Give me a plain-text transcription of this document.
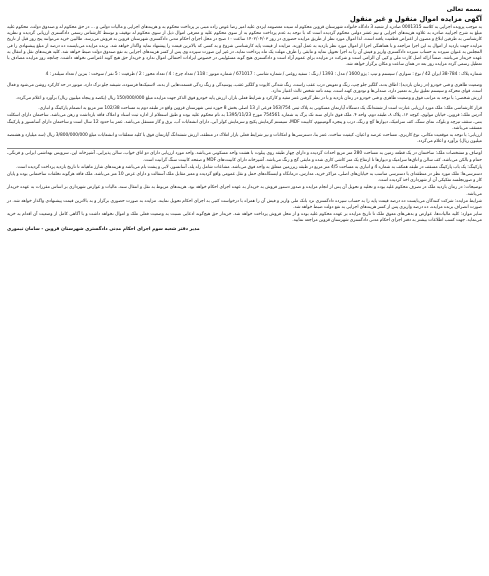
بسمه تعالی
آگهی مزایده اموال منقول و غیر منقول

به موجب پرونده اجرایی به کلاسه 0001315 صادره از شعبه 3 دادگاه خانواده شهرستان قزوین محکوم له سیده معصومه ایزدی علیه امیر رضا عوض زاده مبنی بر پرداخت محکوم به و هزینه‌های اجرایی و مالیات دولتی و ... در حق محکوم له و صندوق دولت، محکوم علیه مبلغ به شرح اجراییه صادره به علاوه هزینه‌های اجرایی و نیم عشر دولتی محکوم گردیده است که با توجه به عدم پرداخت محکوم به از سوی محکوم علیه و معرفی اموال ذیل از سوی محکوم له توقیف و توسط کارشناس رسمی دادگستری ارزیابی گردیده و نظریه کارشناسی به طرفین ابلاغ و مصون از اعتراض قطعیت یافته است، لذا اموال مورد نظر از طریق مزایده حضوری در روز ۱۴۰۲/۰۴/۰۳ ساعت ۱۰ صبح در محل اجرای احکام مدنی دادگستری شهرستان قزوین به فروش می‌رسد. طالبین خرید می‌توانند پنج روز قبل از تاریخ مزایده جهت بازدید از اموال به این اجرا مراجعه و با هماهنگی اجرا از اموال مورد نظر بازدید به عمل آورند. مزایده از قیمت پایه کارشناسی شروع و به کسی که بالاترین قیمت را پیشنهاد نماید واگذار خواهد شد. برنده مزایده می‌بایست ده درصد از مبلغ پیشنهادی را فی المجلس به عنوان سپرده به حساب سپرده دادگستری واریز و فیش آن را به اجرا تحویل نماید و مابقی را ظرف مهلت یک ماه پرداخت نماید، در غیر این صورت سپرده وی پس از کسر هزینه‌های اجرایی به نفع صندوق دولت ضبط خواهد شد. کلیه هزینه‌های نقل و انتقال به عهده خریدار می‌باشد. ضمناً ارائه اصل کارت ملی و کپی آن الزامی است و شرکت در مزایده برای عموم آزاد است و دادگستری هیچ گونه مسئولیتی در خصوص ایرادات احتمالی اموال ندارد و خریدار حق هیچ گونه اعتراضی نخواهد داشت. چنانچه روز مزایده مصادف با تعطیل رسمی گردد مزایده روز بعد در همان ساعت و مکان برگزار خواهد شد.

شماره پلاک : 784-38 ایران 42 / نوع : سواری / سیستم و تیپ : پژو 1600 / مدل : 1393 / رنگ : سفید روغنی / شماره شاسی : 671017 / شماره موتور : 118 / تعداد چرخ : 4 / تعداد محور : 2 / ظرفیت : 5 نفر / سوخت : بنزین / تعداد سیلندر : 4

وضعیت ظاهری و فنی خودرو (در زمان بازدید): اطاق بدنه، گلگیر جلو چپ، رنگ و تعویض درب عقب راست، رنگ شدگی کاپوت و گلگیر عقب، پوسیدگی و زنگ زدگی قسمت‌هایی از بدنه، لاستیک‌ها فرسوده، شیشه جلو ترک دارد، موتور در حد کارکرد روشن می‌شود و فعال است، قوای محرکه و سیستم تعلیق نیاز به تعمیر دارد، صندلی‌ها و تودوزی کهنه است، بیمه نامه شخص ثالث اعتبار ندارد.

ارزش شخصی: با توجه به مراتب فوق و وضعیت ظاهری و فنی خودرو در زمان بازدید و با در نظر گرفتن عمر مفید و کارکرد و شرایط فعلی بازار، ارزش پایه خودرو فوق الذکر جهت مزایده مبلغ 150/000/000 ریال (یکصد و پنجاه میلیون ریال) برآورد و اعلام می‌گردد.

قرار کارشناسی ملک: ملک مورد ارزیابی عبارت است از ششدانگ یک دستگاه آپارتمان مسکونی به پلاک ثبتی 163/754 فرعی از 13 اصلی بخش 8 حوزه ثبتی شهرستان قزوین واقع در طبقه دوم به مساحت 102/38 متر مربع به انضمام پارکینگ و انباری.

آدرس ملک: قزوین، خیابان مولوی، کوچه ۱۲، پلاک ۸، طبقه دوم، واحد ۴. ملک فوق دارای سند تک برگ به شماره 754561 مورخ 1395/11/23 به نام محکوم علیه بوده و طبق استعلام از اداره ثبت اسناد و املاک فاقد بازداشت و رهن می‌باشد. ساختمان دارای اسکلت بتنی، سقف تیرچه و بلوک، نمای سنگ، کف سرامیک، دیوارها گچ و رنگ، درب و پنجره آلومینیوم، کابینت MDF، سیستم گرمایش پکیج و سرمایش کولر آبی، دارای انشعابات آب، برق و گاز مستقل می‌باشد. عمر بنا حدود 12 سال است و ساختمان دارای آسانسور و پارکینگ مسقف می‌باشد.

ارزیابی: با توجه به موقعیت مکانی، نوع کاربری، مساحت عرصه و اعیان، کیفیت ساخت، عمر بنا، دسترسی‌ها و امکانات و نیز شرایط فعلی بازار املاک در منطقه، ارزش ششدانگ آپارتمان فوق با کلیه متعلقات و انشعابات مبلغ 3/800/000/000 ریال (سه میلیارد و هشتصد میلیون ریال) برآورد و اعلام می‌گردد.

اوصاف و مشخصات ملک: ساختمان در یک قطعه زمین به مساحت 280 متر مربع احداث گردیده و دارای چهار طبقه روی پیلوت با هشت واحد مسکونی می‌باشد. واحد مورد ارزیابی دارای دو اتاق خواب، سالن پذیرایی، آشپزخانه اپن، سرویس بهداشتی ایرانی و فرنگی، حمام و بالکن می‌باشد. کف سالن و اتاق‌ها سرامیک و دیوارها تا ارتفاع یک متر کاشی کاری شده و مابقی گچ و رنگ می‌باشد. آشپزخانه دارای کابینت‌های MDF و صفحه کابینت سنگ گرانیت است.

پارکینگ: یک باب پارکینگ مسقف در طبقه همکف به شماره 4 و انباری به مساحت 4/5 متر مربع در طبقه زیرزمین متعلق به واحد فوق می‌باشد. مشاعات شامل راه پله، آسانسور، لابی و پشت بام می‌باشد و هزینه‌های شارژ ماهیانه تا تاریخ بازدید پرداخت گردیده است.

دسترسی‌ها: ملک مورد نظر در منطقه‌ای با دسترسی مناسب به خیابان‌های اصلی، مراکز خرید، مدارس، درمانگاه و ایستگاه‌های حمل و نقل عمومی واقع گردیده و معبر مقابل ملک آسفالت و دارای عرض 10 متر می‌باشد. ملک فاقد هرگونه تخلفات ساختمانی بوده و پایان کار و صورتجلسه تفکیکی آن از شهرداری اخذ گردیده است.

توضیحات: در زمان بازدید ملک در تصرف محکوم علیه بوده و تخلیه و تحویل آن پس از انجام مزایده و صدور دستور فروش به خریدار به عهده اجرای احکام خواهد بود. هزینه‌های مربوط به نقل و انتقال سند، مالیات و عوارض شهرداری بر اساس مقررات به عهده خریدار می‌باشد.

شرایط مزایده: شرکت کنندگان می‌بایست ده درصد قیمت پایه را به حساب سپرده دادگستری نزد بانک ملی واریز و فیش آن را همراه با درخواست کتبی به اجرای احکام تحویل نمایند. مزایده به صورت حضوری برگزار و به بالاترین قیمت پیشنهادی واگذار خواهد شد. در صورت انصراف برنده مزایده، ده درصد واریزی پس از کسر هزینه‌های اجرایی به نفع دولت ضبط خواهد شد.

سایر موارد: کلیه مالیات‌ها، عوارض و بدهی‌های معوق ملک تا تاریخ مزایده بر عهده محکوم علیه بوده و از محل فروش پرداخت خواهد شد. خریدار حق هیچ‌گونه ادعایی نسبت به وضعیت فعلی ملک و اموال نخواهد داشت و با آگاهی کامل از وضعیت آن اقدام به خرید می‌نماید. جهت کسب اطلاعات بیشتر به دفتر اجرای احکام مدنی دادگستری شهرستان قزوین مراجعه نمایید.

مدیر دفتر شعبه سوم اجرای احکام مدنی دادگستری شهرستان قزوین - سامان تیموری
